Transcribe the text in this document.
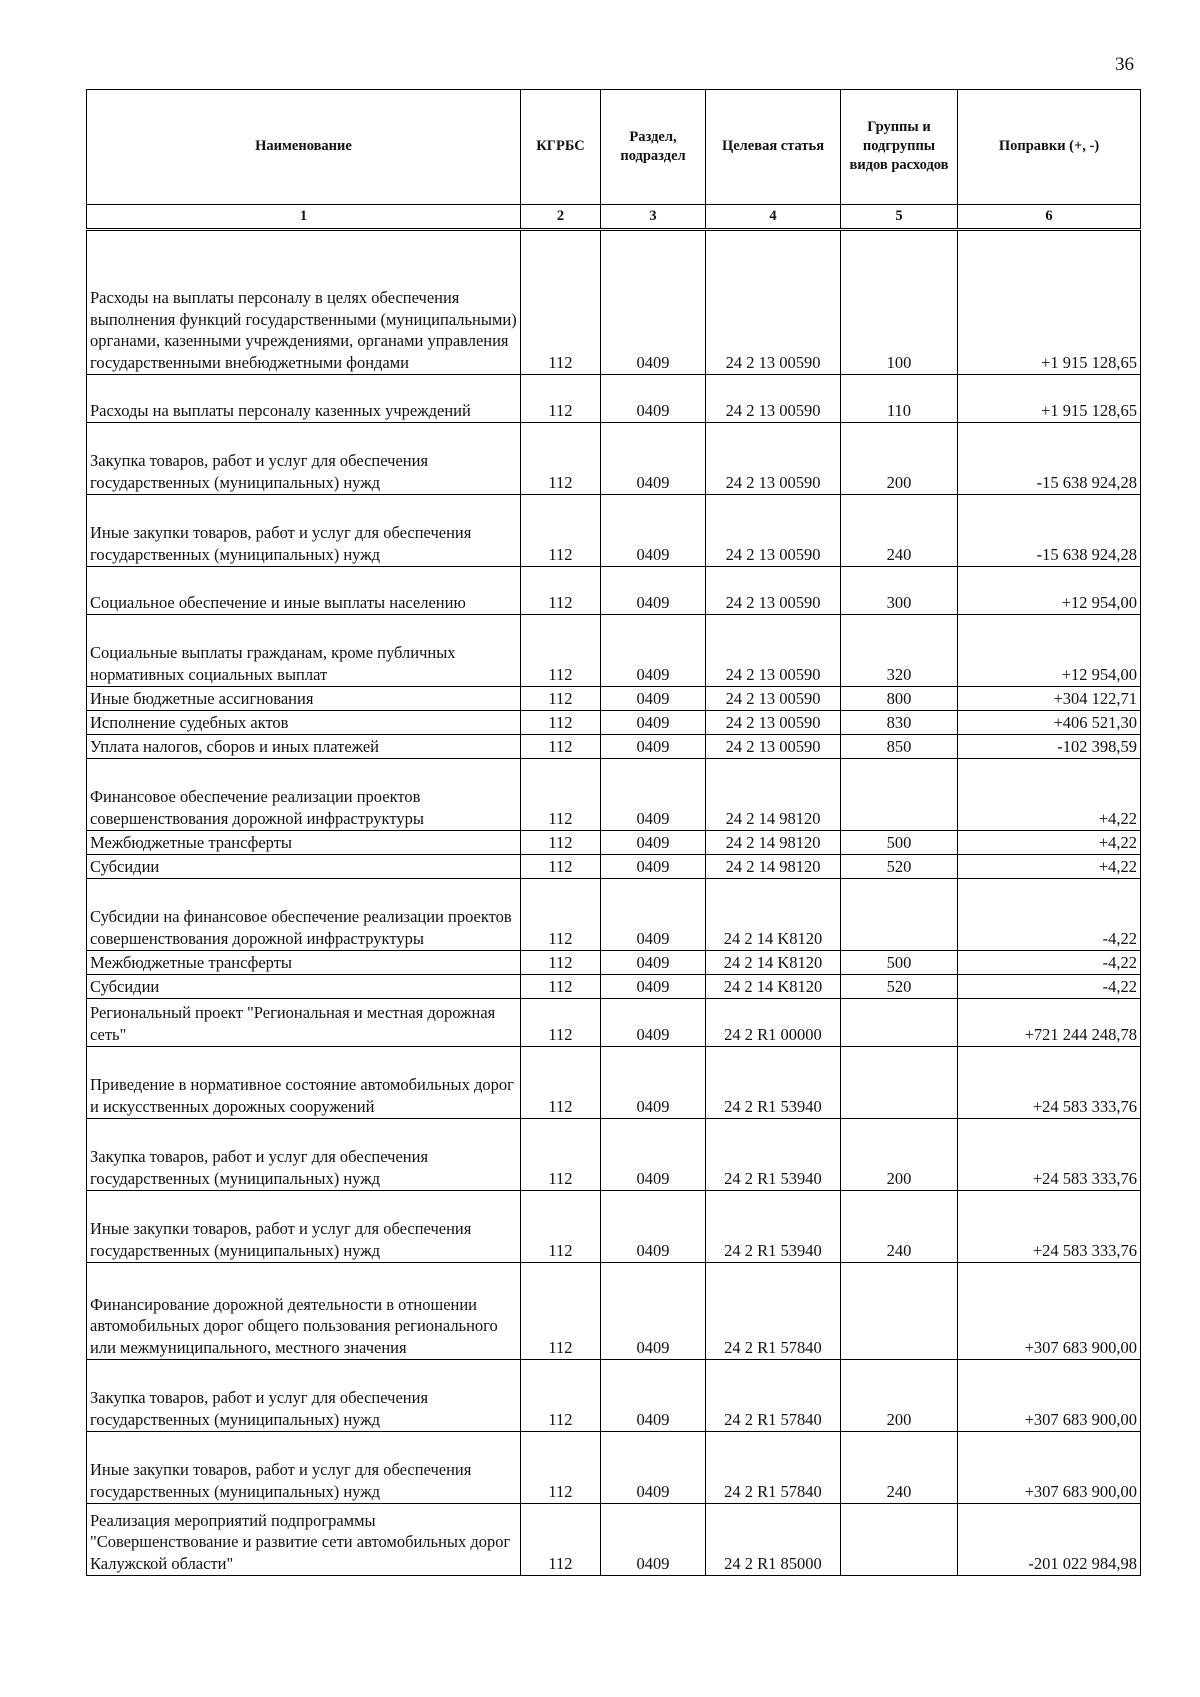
36
Наименование	КГРБС	Раздел, подраздел	Целевая статья	Группы и подгруппы видов расходов	Поправки (+, -)
1	2	3	4	5	6
Расходы на выплаты персоналу в целях обеспечения выполнения функций государственными (муниципальными) органами, казенными учреждениями, органами управления государственными внебюджетными фондами	112	0409	24 2 13 00590	100	+1 915 128,65
Расходы на выплаты персоналу казенных учреждений	112	0409	24 2 13 00590	110	+1 915 128,65
Закупка товаров, работ и услуг для обеспечения государственных (муниципальных) нужд	112	0409	24 2 13 00590	200	-15 638 924,28
Иные закупки товаров, работ и услуг для обеспечения государственных (муниципальных) нужд	112	0409	24 2 13 00590	240	-15 638 924,28
Социальное обеспечение и иные выплаты населению	112	0409	24 2 13 00590	300	+12 954,00
Социальные выплаты гражданам, кроме публичных нормативных социальных выплат	112	0409	24 2 13 00590	320	+12 954,00
Иные бюджетные ассигнования	112	0409	24 2 13 00590	800	+304 122,71
Исполнение судебных актов	112	0409	24 2 13 00590	830	+406 521,30
Уплата налогов, сборов и иных платежей	112	0409	24 2 13 00590	850	-102 398,59
Финансовое обеспечение реализации проектов совершенствования дорожной инфраструктуры	112	0409	24 2 14 98120		+4,22
Межбюджетные трансферты	112	0409	24 2 14 98120	500	+4,22
Субсидии	112	0409	24 2 14 98120	520	+4,22
Субсидии на финансовое обеспечение реализации проектов совершенствования дорожной инфраструктуры	112	0409	24 2 14 K8120		-4,22
Межбюджетные трансферты	112	0409	24 2 14 K8120	500	-4,22
Субсидии	112	0409	24 2 14 K8120	520	-4,22
Региональный проект "Региональная и местная дорожная сеть"	112	0409	24 2 R1 00000		+721 244 248,78
Приведение в нормативное состояние автомобильных дорог и искусственных дорожных сооружений	112	0409	24 2 R1 53940		+24 583 333,76
Закупка товаров, работ и услуг для обеспечения государственных (муниципальных) нужд	112	0409	24 2 R1 53940	200	+24 583 333,76
Иные закупки товаров, работ и услуг для обеспечения государственных (муниципальных) нужд	112	0409	24 2 R1 53940	240	+24 583 333,76
Финансирование дорожной деятельности в отношении автомобильных дорог общего пользования регионального или межмуниципального, местного значения	112	0409	24 2 R1 57840		+307 683 900,00
Закупка товаров, работ и услуг для обеспечения государственных (муниципальных) нужд	112	0409	24 2 R1 57840	200	+307 683 900,00
Иные закупки товаров, работ и услуг для обеспечения государственных (муниципальных) нужд	112	0409	24 2 R1 57840	240	+307 683 900,00
Реализация мероприятий подпрограммы "Совершенствование и развитие сети автомобильных дорог Калужской области"	112	0409	24 2 R1 85000		-201 022 984,98
